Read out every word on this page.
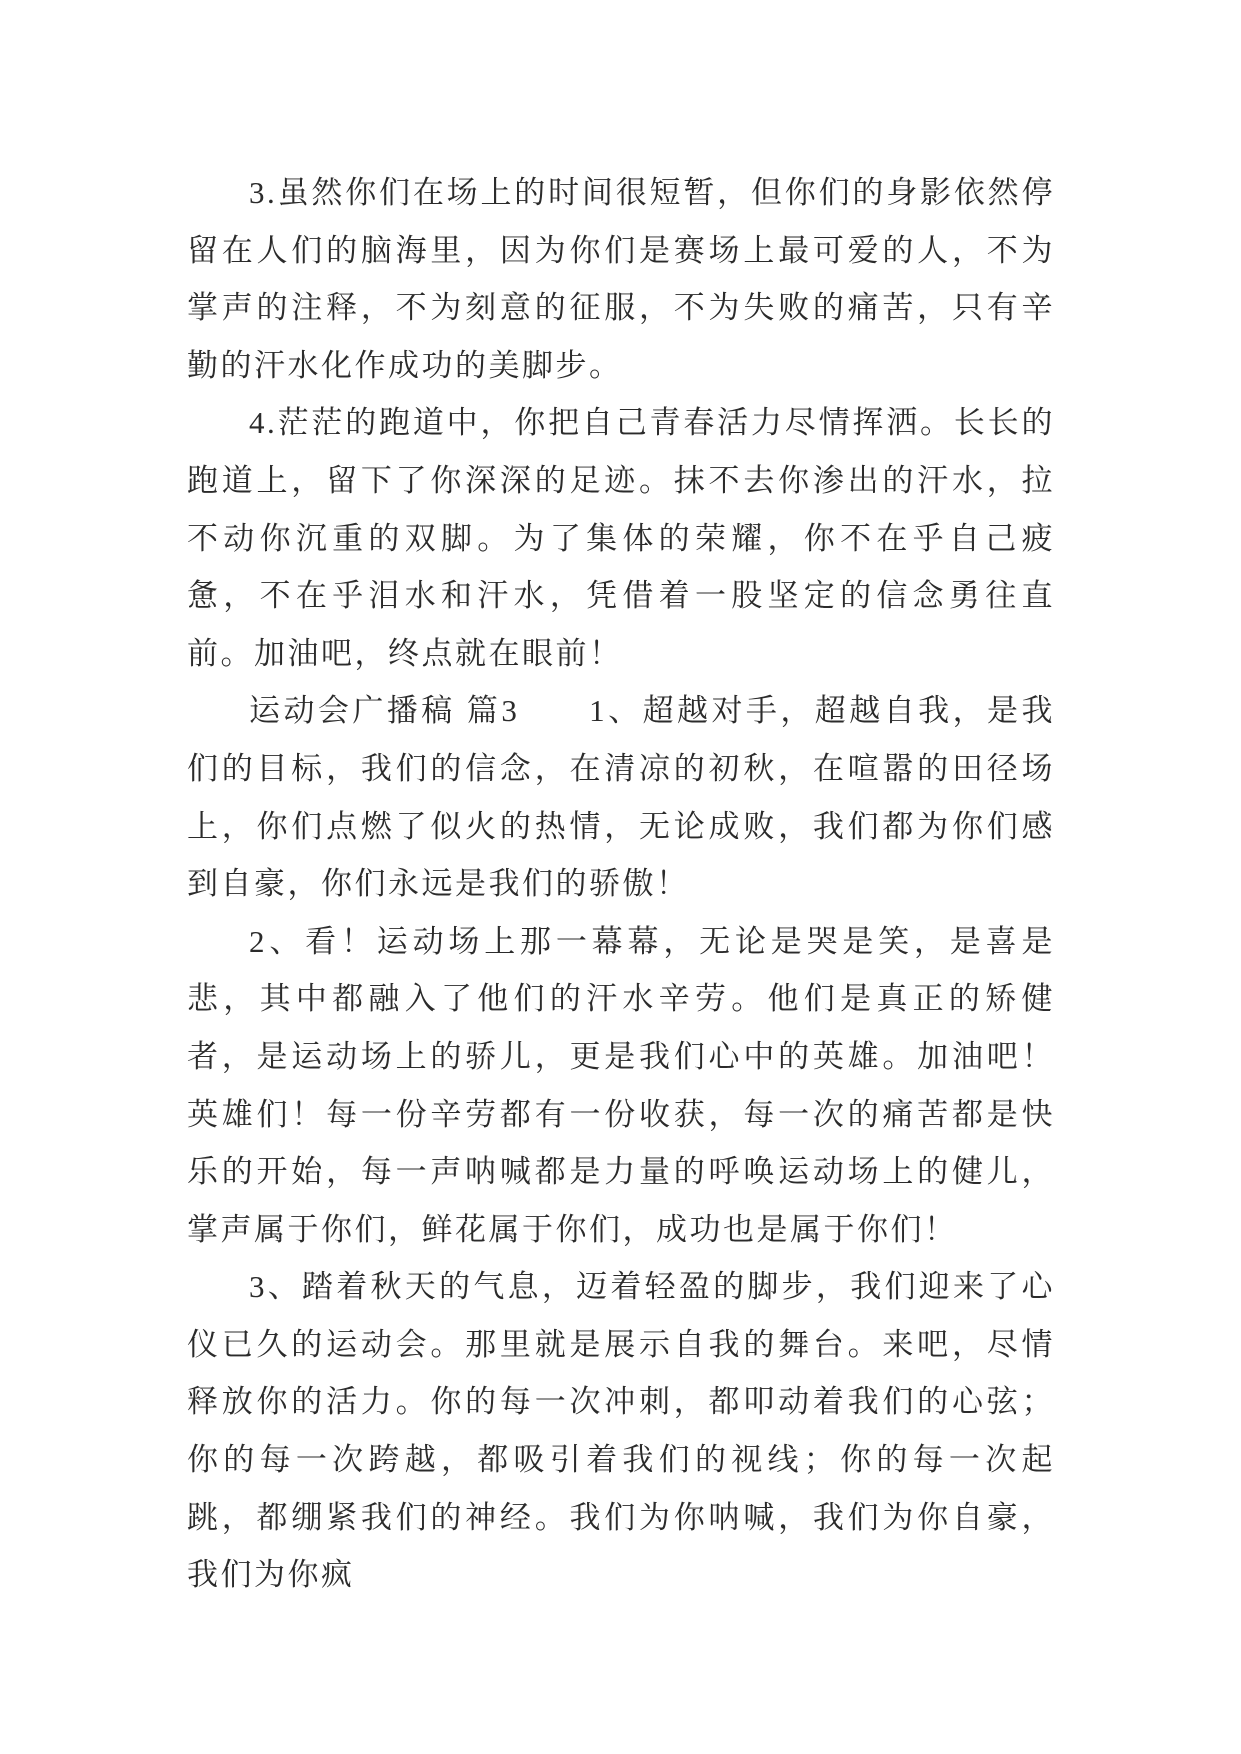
3.虽然你们在场上的时间很短暂，但你们的身影依然停留在人们的脑海里，因为你们是赛场上最可爱的人，不为掌声的注释，不为刻意的征服，不为失败的痛苦，只有辛勤的汗水化作成功的美脚步。

4.茫茫的跑道中，你把自己青春活力尽情挥洒。长长的跑道上，留下了你深深的足迹。抹不去你渗出的汗水，拉不动你沉重的双脚。为了集体的荣耀，你不在乎自己疲惫，不在乎泪水和汗水，凭借着一股坚定的信念勇往直前。加油吧，终点就在眼前！

运动会广播稿 篇3　　1、超越对手，超越自我，是我们的目标，我们的信念，在清凉的初秋，在喧嚣的田径场上，你们点燃了似火的热情，无论成败，我们都为你们感到自豪，你们永远是我们的骄傲！

2、看！运动场上那一幕幕，无论是哭是笑，是喜是悲，其中都融入了他们的汗水辛劳。他们是真正的矫健者，是运动场上的骄儿，更是我们心中的英雄。加油吧！英雄们！每一份辛劳都有一份收获，每一次的痛苦都是快乐的开始，每一声呐喊都是力量的呼唤运动场上的健儿，掌声属于你们，鲜花属于你们，成功也是属于你们！

3、踏着秋天的气息，迈着轻盈的脚步，我们迎来了心仪已久的运动会。那里就是展示自我的舞台。来吧，尽情释放你的活力。你的每一次冲刺，都叩动着我们的心弦；你的每一次跨越，都吸引着我们的视线；你的每一次起跳，都绷紧我们的神经。我们为你呐喊，我们为你自豪，我们为你疯
